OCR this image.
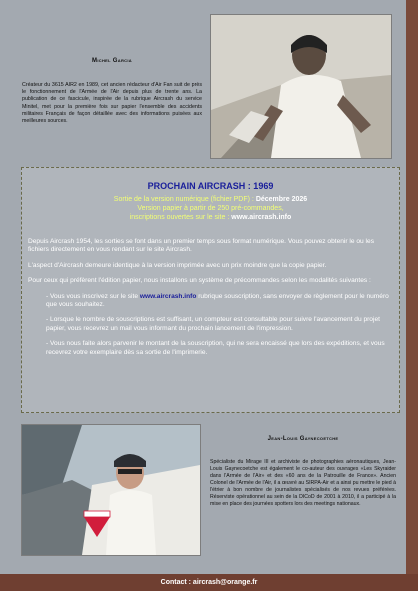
Michel Garcia
Créateur du 3615 AIR2 en 1989, cet ancien rédacteur d'Air Fan suit de près le fonctionnement de l'Armée de l'Air depuis plus de trente ans. La publication de ce fascicule, inspirée de la rubrique Aircrash du service Minitel, met pour la première fois sur papier l'ensemble des accidents militaires Français de façon détaillée avec des informations puisées aux meilleures sources.
PROCHAIN AIRCRASH : 1969
Sortie de la version numérique (fichier PDF) : Décembre 2026
Version papier à partir de 250 pré-commandes,
inscriptions ouvertes sur le site : www.aircrash.info

Depuis Aircrash 1954, les sorties se font dans un premier temps sous format numérique. Vous pouvez obtenir le ou les fichiers directement en vous rendant sur le site Aircrash.

L'aspect d'Aircrash demeure identique à la version imprimée avec un prix moindre que la copie papier.

Pour ceux qui préfèrent l'édition papier, nous installons un système de précommandes selon les modalités suivantes :

- Vous vous inscrivez sur le site www.aircrash.info rubrique souscription, sans envoyer de règlement pour le numéro que vous souhaitez.

- Lorsque le nombre de souscriptions est suffisant, un compteur est consultable pour suivre l'avancement du projet papier, vous recevrez un mail vous informant du prochain lancement de l'impression.

- Vous nous faite alors parvenir le montant de la souscription, qui ne sera encaissé que lors des expéditions, et vous recevrez votre exemplaire dès sa sortie de l'imprimerie.

Jean-Louis Gaynecoetche
Spécialiste du Mirage III et archiviste de photographies aéronautiques, Jean-Louis Gaynecoetche est également le co-auteur des ouvrages «Les Skyraider dans l'Armée de l'Air» et des «60 ans de la Patrouille de France». Ancien Colonel de l'Armée de l'Air, il a œuvré au SIRPA-Air et a ainsi pu mettre le pied à l'étrier à bon nombre de journalistes spécialisés de nos revues préférées. Réserviste opérationnel au sein de la DICoD de 2001 à 2010, il a participé à la mise en place des journées spotters lors des meetings nationaux.
Contact : aircrash@orange.fr
